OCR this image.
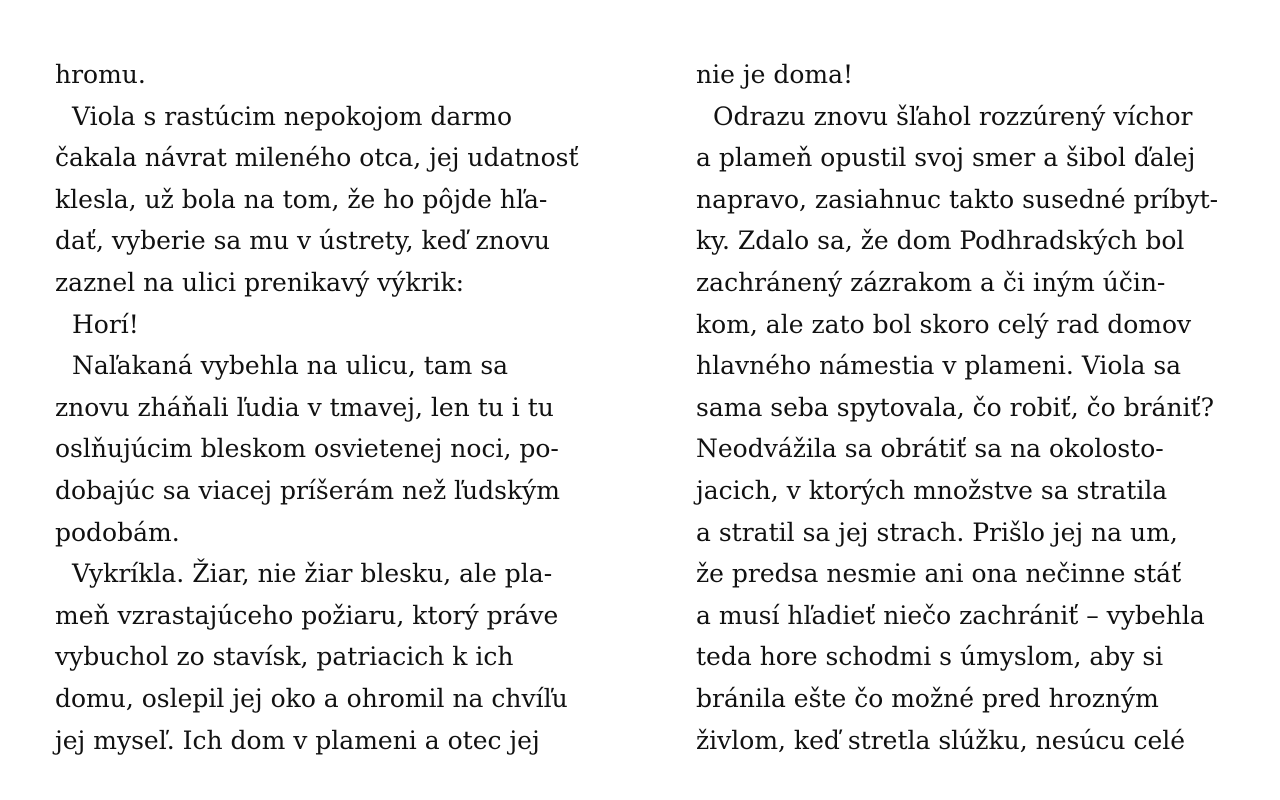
hromu.
Viola s rastúcim nepokojom darmo
čakala návrat mileného otca, jej udatnosť
klesla, už bola na tom, že ho pôjde hľa-
dať, vyberie sa mu v ústrety, keď znovu
zaznel na ulici prenikavý výkrik:
Horí!
Naľakaná vybehla na ulicu, tam sa
znovu zháňali ľudia v tmavej, len tu i tu
oslňujúcim bleskom osvietenej noci, po-
dobajúc sa viacej príšerám než ľudským
podobám.
Vykríkla. Žiar, nie žiar blesku, ale pla-
meň vzrastajúceho požiaru, ktorý práve
vybuchol zo stavísk, patriacich k ich
domu, oslepil jej oko a ohromil na chvíľu
jej myseľ. Ich dom v plameni a otec jej
nie je doma!
Odrazu znovu šľahol rozzúrený víchor
a plameň opustil svoj smer a šibol ďalej
napravo, zasiahnuc takto susedné príbyt-
ky. Zdalo sa, že dom Podhradských bol
zachránený zázrakom a či iným účin-
kom, ale zato bol skoro celý rad domov
hlavného námestia v plameni. Viola sa
sama seba spytovala, čo robiť, čo brániť?
Neodvážila sa obrátiť sa na okolosto-
jacich, v ktorých množstve sa stratila
a stratil sa jej strach. Prišlo jej na um,
že predsa nesmie ani ona nečinne stáť
a musí hľadieť niečo zachrániť – vybehla
teda hore schodmi s úmyslom, aby si
bránila ešte čo možné pred hrozným
živlom, keď stretla slúžku, nesúcu celé
